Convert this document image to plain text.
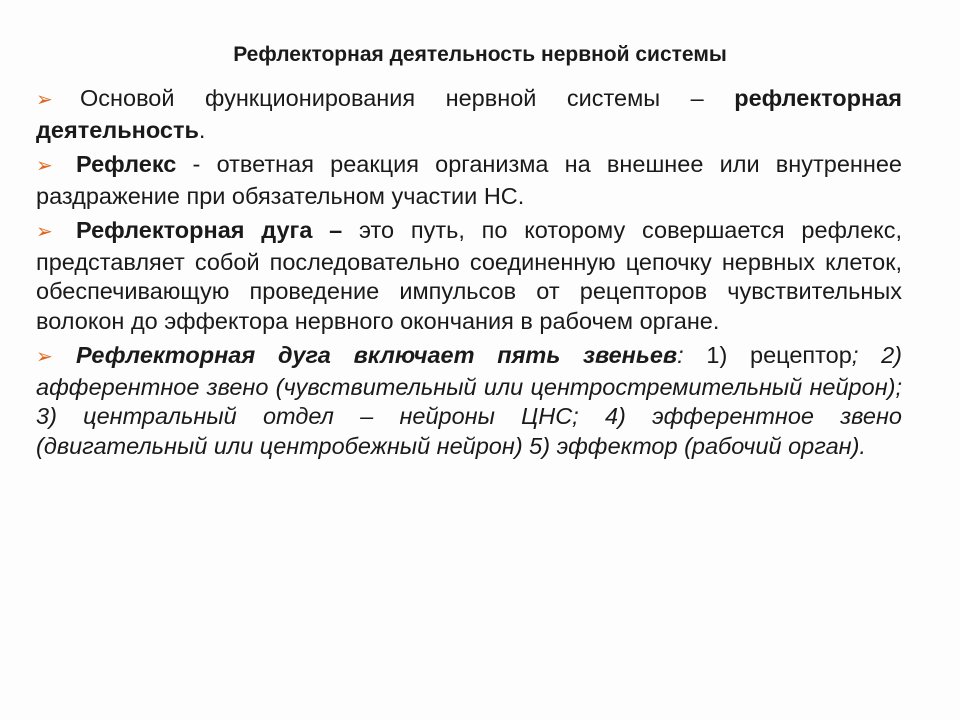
Рефлекторная деятельность нервной системы

➢ Основой функционирования нервной системы – рефлекторная деятельность.

➢ Рефлекс - ответная реакция организма на внешнее или внутреннее раздражение при обязательном участии НС.

➢ Рефлекторная дуга – это путь, по которому совершается рефлекс, представляет собой последовательно соединенную цепочку нервных клеток, обеспечивающую проведение импульсов от рецепторов чувствительных волокон до эффектора нервного окончания в рабочем органе.

➢ Рефлекторная дуга включает пять звеньев: 1) рецептор; 2) афферентное звено (чувствительный или центростремительный нейрон); 3) центральный отдел – нейроны ЦНС; 4) эфферентное звено (двигательный или центробежный нейрон) 5) эффектор (рабочий орган).
